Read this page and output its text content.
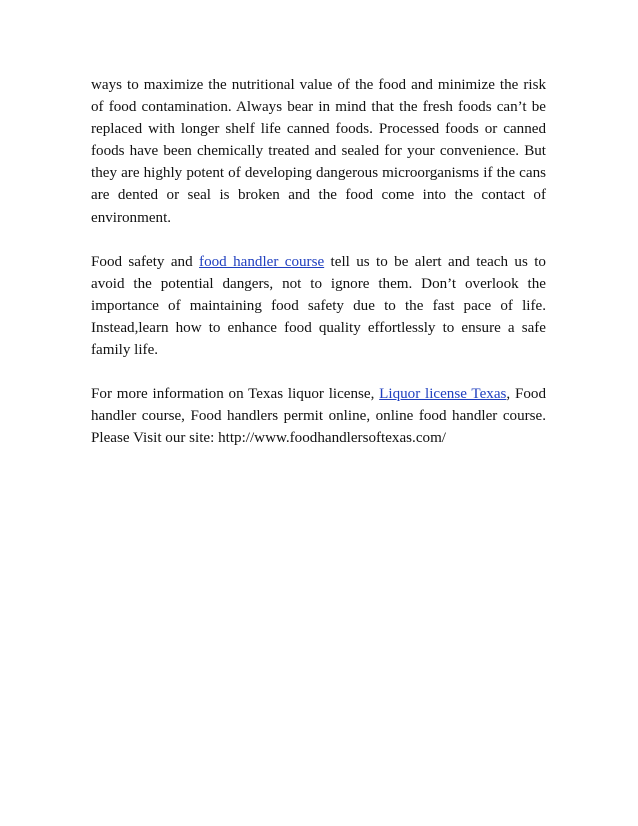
ways to maximize the nutritional value of the food and minimize the risk of food contamination. Always bear in mind that the fresh foods can’t be replaced with longer shelf life canned foods. Processed foods or canned foods have been chemically treated and sealed for your convenience. But they are highly potent of developing dangerous microorganisms if the cans are dented or seal is broken and the food come into the contact of environment.

Food safety and food handler course tell us to be alert and teach us to avoid the potential dangers, not to ignore them. Don’t overlook the importance of maintaining food safety due to the fast pace of life. Instead,learn how to enhance food quality effortlessly to ensure a safe family life.

For more information on Texas liquor license, Liquor license Texas, Food handler course, Food handlers permit online, online food handler course. Please Visit our site: http://www.foodhandlersoftexas.com/
